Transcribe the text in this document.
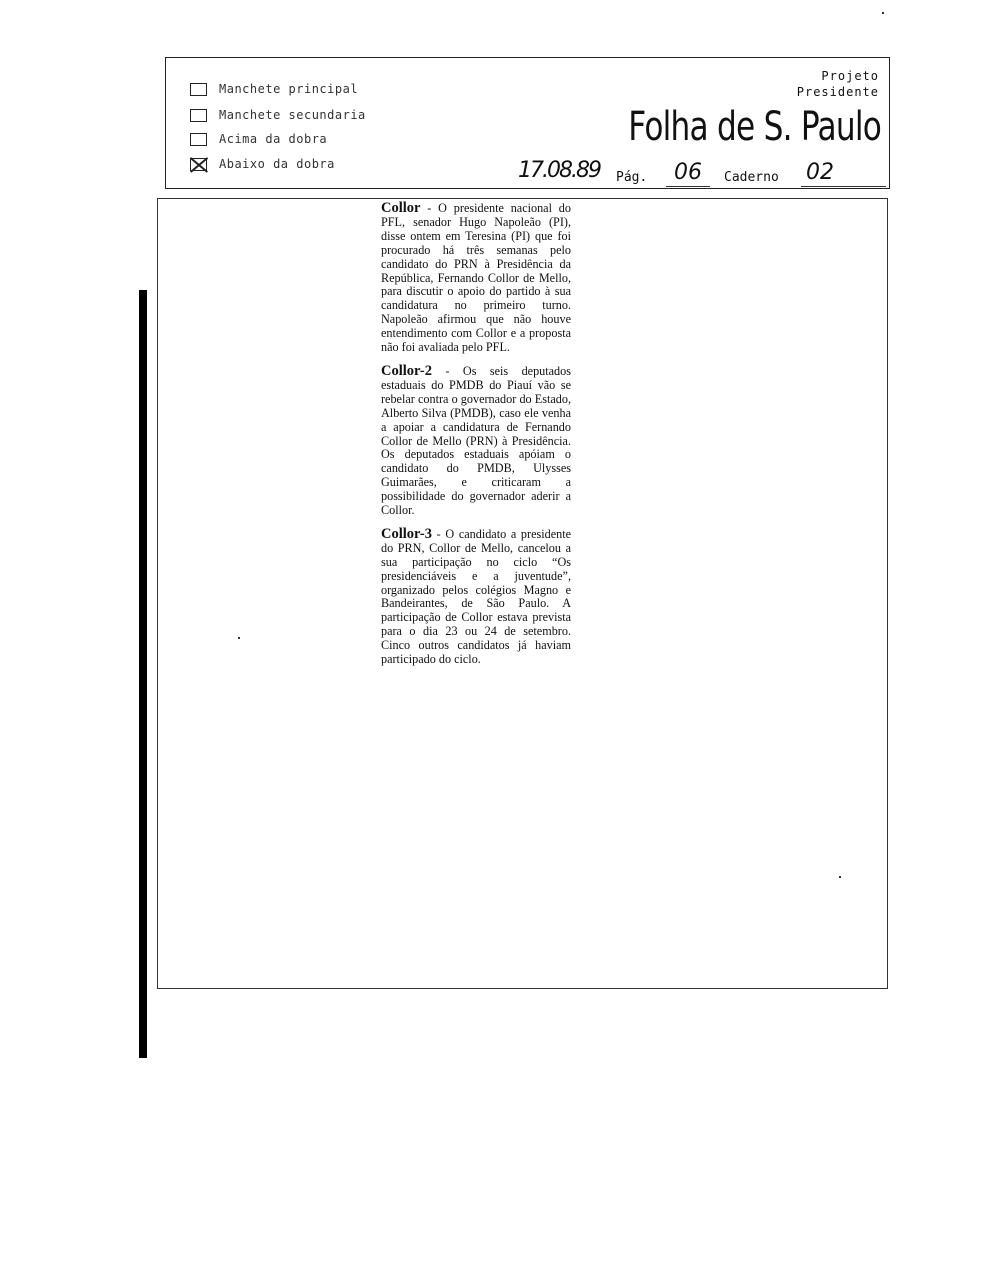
Manchete principal
Manchete secundaria
Acima da dobra
Abaixo da dobra
Projeto
Presidente
Folha de S. Paulo
17.08.89 Pág. 06 Caderno 02

Collor - O presidente nacional do PFL, senador Hugo Napoleão (PI), disse ontem em Teresina (PI) que foi procurado há três semanas pelo candidato do PRN à Presidência da República, Fernando Collor de Mello, para discutir o apoio do partido à sua candidatura no primeiro turno. Napoleão afirmou que não houve entendimento com Collor e a proposta não foi avaliada pelo PFL.

Collor-2 - Os seis deputados estaduais do PMDB do Piauí vão se rebelar contra o governador do Estado, Alberto Silva (PMDB), caso ele venha a apoiar a candidatura de Fernando Collor de Mello (PRN) à Presidência. Os deputados estaduais apóiam o candidato do PMDB, Ulysses Guimarães, e criticaram a possibilidade do governador aderir a Collor.

Collor-3 - O candidato a presidente do PRN, Collor de Mello, cancelou a sua participação no ciclo “Os presidenciáveis e a juventude”, organizado pelos colégios Magno e Bandeirantes, de São Paulo. A participação de Collor estava prevista para o dia 23 ou 24 de setembro. Cinco outros candidatos já haviam participado do ciclo.
